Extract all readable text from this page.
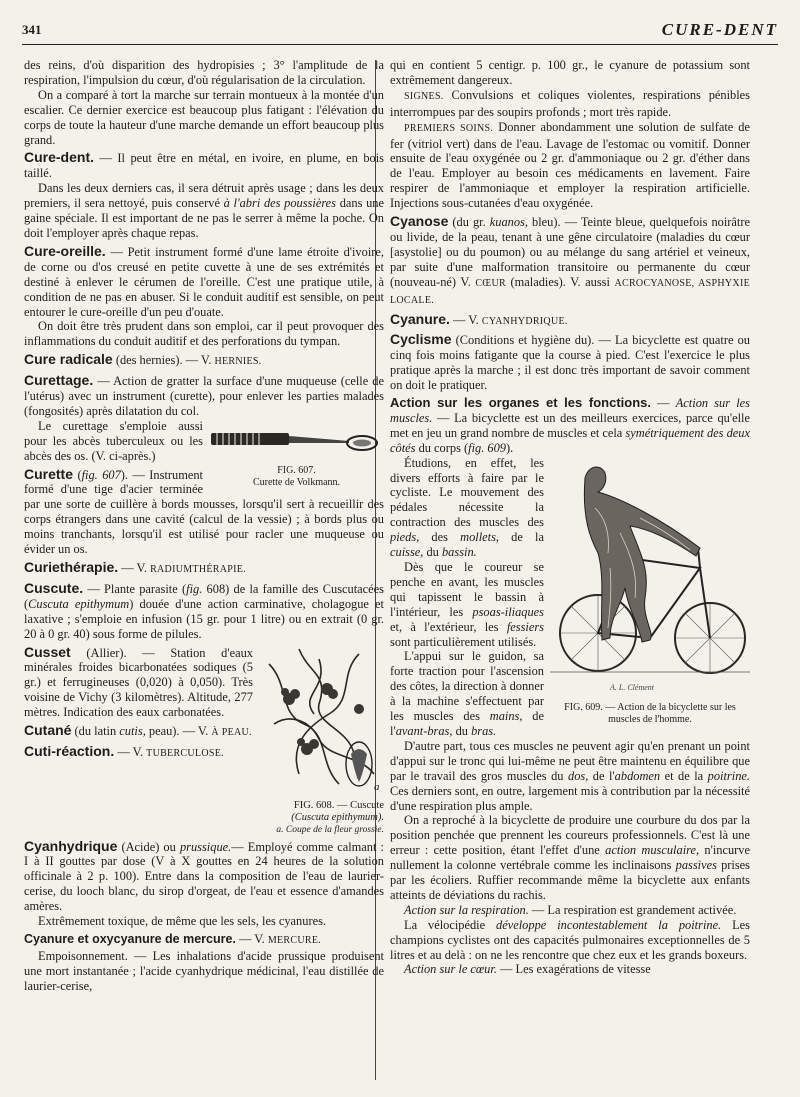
341	CURE-DENT

des reins, d'où disparition des hydropisies ; 3° l'amplitude de la respiration, l'impulsion du cœur, d'où régularisation de la circulation.

On a comparé à tort la marche sur terrain montueux à la montée d'un escalier. Ce dernier exercice est beaucoup plus fatigant : l'élévation du corps de toute la hauteur d'une marche demande un effort beaucoup plus grand.

Cure-dent. — Il peut être en métal, en ivoire, en plume, en bois taillé.

Dans les deux derniers cas, il sera détruit après usage ; dans les deux premiers, il sera nettoyé, puis conservé à l'abri des poussières dans une gaine spéciale. Il est important de ne pas le serrer à même la poche. On doit l'employer après chaque repas.

Cure-oreille. — Petit instrument formé d'une lame étroite d'ivoire, de corne ou d'os creusé en petite cuvette à une de ses extrémités et destiné à enlever le cérumen de l'oreille. C'est une pratique utile, à condition de ne pas en abuser. Si le conduit auditif est sensible, on peut entourer le cure-oreille d'un peu d'ouate.

On doit être très prudent dans son emploi, car il peut provoquer des inflammations du conduit auditif et des perforations du tympan.

Cure radicale (des hernies). — V. HERNIES.

Curettage. — Action de gratter la surface d'une muqueuse (celle de l'utérus) avec un instrument (curette), pour enlever les parties malades (fongosités) après dilatation du col.

FIG. 607.
Curette de Volkmann.

Le curettage s'emploie aussi pour les abcès tuberculeux ou les abcès des os. (V. ci-après.)

Curette (fig. 607). — Instrument formé d'une tige d'acier terminée par une sorte de cuillère à bords mousses, lorsqu'il sert à recueillir des corps étrangers dans une cavité (calcul de la vessie) ; à bords plus ou moins tranchants, lorsqu'il est utilisé pour racler une muqueuse ou évider un os.

Curiethérapie. — V. RADIUMTHÉRAPIE.

Cuscute. — Plante parasite (fig. 608) de la famille des Cuscutacées (Cuscuta epithymum) douée d'une action carminative, cholagogue et laxative ; s'emploie en infusion (15 gr. pour 1 litre) ou en extrait (0 gr. 20 à 0 gr. 40) sous forme de pilules.

a

Cusset (Allier). — Station d'eaux minérales froides bicarbonatées sodiques (5 gr.) et ferrugineuses (0,020) à 0,050). Très voisine de Vichy (3 kilomètres). Altitude, 277 mètres. Indication des eaux carbonatées.

Cutané (du latin cutis, peau). — V. À PEAU.

Cuti-réaction. — V. TUBERCULOSE.

FIG. 608. — Cuscute
(Cuscuta epithymum).
a. Coupe de la fleur grossie.

Cyanhydrique (Acide) ou prussique.— Employé comme calmant : I à II gouttes par dose (V à X gouttes en 24 heures de la solution officinale à 2 p. 100). Entre dans la composition de l'eau de laurier-cerise, du looch blanc, du sirop d'orgeat, de l'eau et essence d'amandes amères.

Extrêmement toxique, de même que les sels, les cyanures.

Cyanure et oxycyanure de mercure. — V. MERCURE.

Empoisonnement. — Les inhalations d'acide prussique produisent une mort instantanée ; l'acide cyanhydrique médicinal, l'eau distillée de laurier-cerise,

qui en contient 5 centigr. p. 100 gr., le cyanure de potassium sont extrêmement dangereux.

SIGNES. Convulsions et coliques violentes, respirations pénibles interrompues par des soupirs profonds ; mort très rapide.

PREMIERS SOINS. Donner abondamment une solution de sulfate de fer (vitriol vert) dans de l'eau. Lavage de l'estomac ou vomitif. Donner ensuite de l'eau oxygénée ou 2 gr. d'ammoniaque ou 2 gr. d'éther dans de l'eau. Employer au besoin ces médicaments en lavement. Faire respirer de l'ammoniaque et employer la respiration artificielle. Injections sous-cutanées d'eau oxygénée.

Cyanose (du gr. kuanos, bleu). — Teinte bleue, quelquefois noirâtre ou livide, de la peau, tenant à une gêne circulatoire (maladies du cœur [asystolie] ou du poumon) ou au mélange du sang artériel et veineux, par suite d'une malformation transitoire ou permanente du cœur (nouveau-né) V. CŒUR (maladies). V. aussi ACROCYANOSE, ASPHYXIE LOCALE.

Cyanure. — V. CYANHYDRIQUE.

Cyclisme (Conditions et hygiène du). — La bicyclette est quatre ou cinq fois moins fatigante que la course à pied. C'est l'exercice le plus pratique après la marche ; il est donc très important de savoir comment on doit le pratiquer.

Action sur les organes et les fonctions. — Action sur les muscles. — La bicyclette est un des meilleurs exercices, parce qu'elle met en jeu un grand nombre de muscles et cela symétriquement des deux côtés du corps (fig. 609).

A. L. Clément
FIG. 609. — Action de la bicyclette sur les muscles de l'homme.

Étudions, en effet, les divers efforts à faire par le cycliste. Le mouvement des pédales nécessite la contraction des muscles des pieds, des mollets, de la cuisse, du bassin.

Dès que le coureur se penche en avant, les muscles qui tapissent le bassin à l'intérieur, les psoas-iliaques et, à l'extérieur, les fessiers sont particulièrement utilisés.

L'appui sur le guidon, sa forte traction pour l'ascension des côtes, la direction à donner à la machine s'effectuent par les muscles des mains, de l'avant-bras, du bras.

D'autre part, tous ces muscles ne peuvent agir qu'en prenant un point d'appui sur le tronc qui lui-même ne peut être maintenu en équilibre que par le travail des gros muscles du dos, de l'abdomen et de la poitrine. Ces derniers sont, en outre, largement mis à contribution par la nécessité d'une respiration plus ample.

On a reproché à la bicyclette de produire une courbure du dos par la position penchée que prennent les coureurs professionnels. C'est là une erreur : cette position, étant l'effet d'une action musculaire, n'incurve nullement la colonne vertébrale comme les inclinaisons passives prises par les écoliers. Ruffier recommande même la bicyclette aux enfants atteints de déviations du rachis.

Action sur la respiration. — La respiration est grandement activée.

La vélocipédie développe incontestablement la poitrine. Les champions cyclistes ont des capacités pulmonaires exceptionnelles de 5 litres et au delà : on ne les rencontre que chez eux et les grands boxeurs.

Action sur le cœur. — Les exagérations de vitesse
